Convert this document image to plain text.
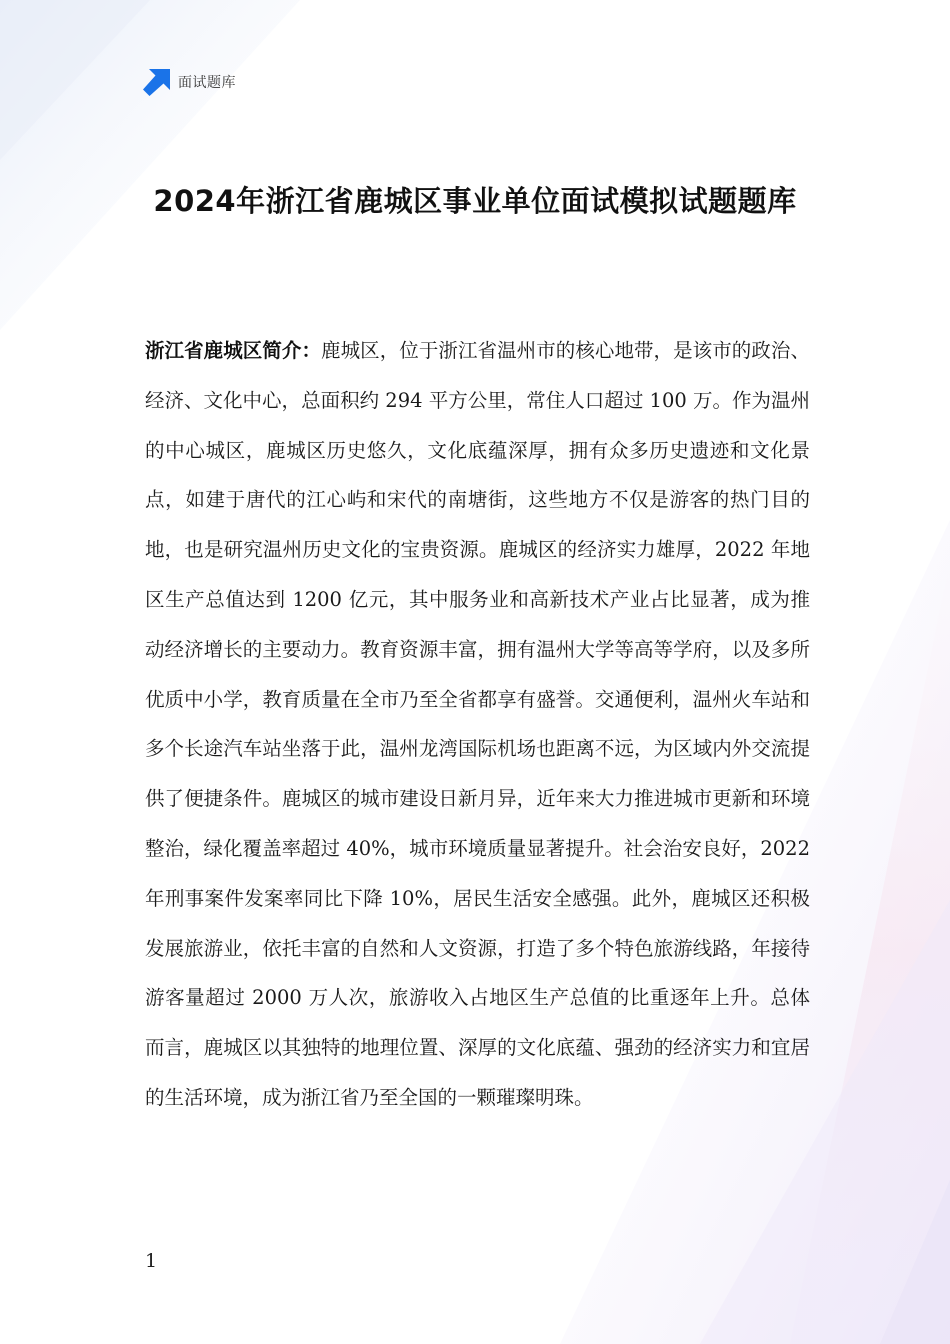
面试题库
2024年浙江省鹿城区事业单位面试模拟试题题库

浙江省鹿城区简介：鹿城区，位于浙江省温州市的核心地带，是该市的政治、经济、文化中心，总面积约 294 平方公里，常住人口超过 100 万。作为温州的中心城区，鹿城区历史悠久，文化底蕴深厚，拥有众多历史遗迹和文化景点，如建于唐代的江心屿和宋代的南塘街，这些地方不仅是游客的热门目的地，也是研究温州历史文化的宝贵资源。鹿城区的经济实力雄厚，2022 年地区生产总值达到 1200 亿元，其中服务业和高新技术产业占比显著，成为推动经济增长的主要动力。教育资源丰富，拥有温州大学等高等学府，以及多所优质中小学，教育质量在全市乃至全省都享有盛誉。交通便利，温州火车站和多个长途汽车站坐落于此，温州龙湾国际机场也距离不远，为区域内外交流提供了便捷条件。鹿城区的城市建设日新月异，近年来大力推进城市更新和环境整治，绿化覆盖率超过 40%，城市环境质量显著提升。社会治安良好，2022 年刑事案件发案率同比下降 10%，居民生活安全感强。此外，鹿城区还积极发展旅游业，依托丰富的自然和人文资源，打造了多个特色旅游线路，年接待游客量超过 2000 万人次，旅游收入占地区生产总值的比重逐年上升。总体而言，鹿城区以其独特的地理位置、深厚的文化底蕴、强劲的经济实力和宜居的生活环境，成为浙江省乃至全国的一颗璀璨明珠。

1
